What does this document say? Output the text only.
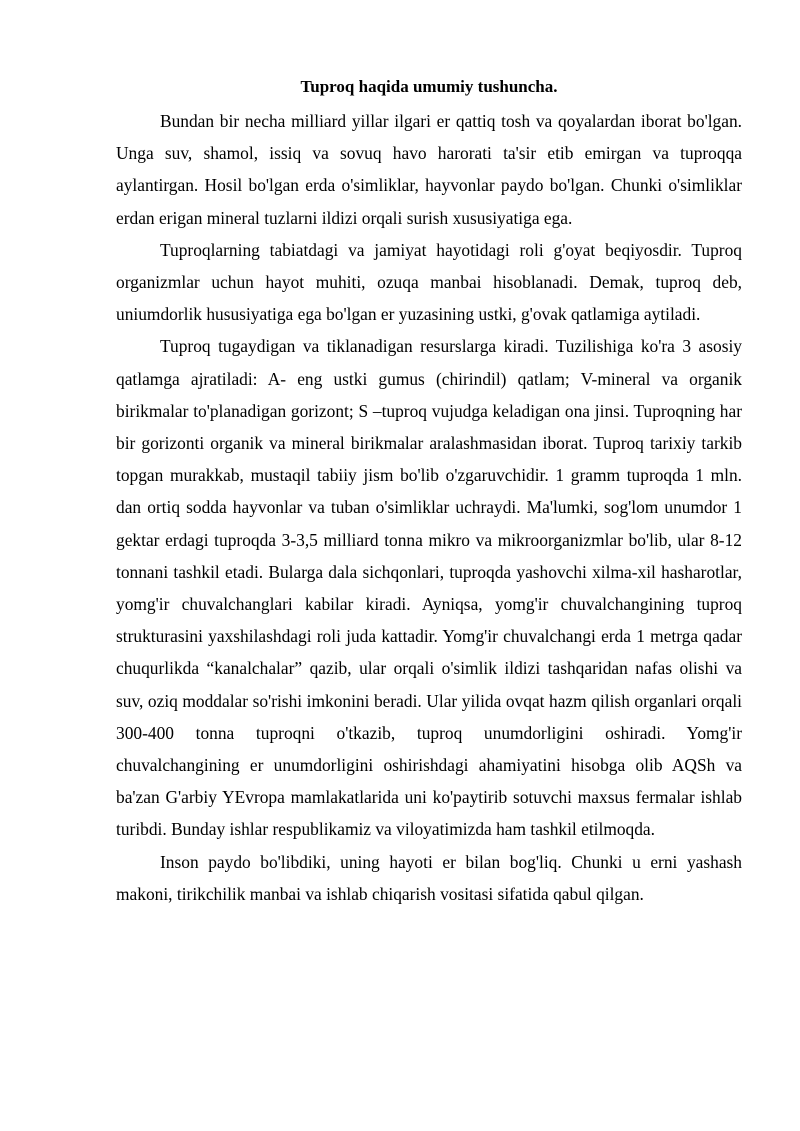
Tuproq haqida umumiy tushuncha.

Bundan bir necha milliard yillar ilgari er qattiq tosh va qoyalardan iborat bo'lgan. Unga suv, shamol, issiq va sovuq havo harorati ta'sir etib emirgan va tuproqqa aylantirgan. Hosil bo'lgan erda o'simliklar, hayvonlar paydo bo'lgan. Chunki o'simliklar erdan erigan mineral tuzlarni ildizi orqali surish xususiyatiga ega.

Tuproqlarning tabiatdagi va jamiyat hayotidagi roli g'oyat beqiyosdir. Tuproq organizmlar uchun hayot muhiti, ozuqa manbai hisoblanadi. Demak, tuproq deb, uniumdorlik hususiyatiga ega bo'lgan er yuzasining ustki, g'ovak qatlamiga aytiladi.

Tuproq tugaydigan va tiklanadigan resurslarga kiradi. Tuzilishiga ko'ra 3 asosiy qatlamga ajratiladi: A- eng ustki gumus (chirindil) qatlam; V-mineral va organik birikmalar to'planadigan gorizont; S –tuproq vujudga keladigan ona jinsi. Tuproqning har bir gorizonti organik va mineral birikmalar aralashmasidan iborat. Tuproq tarixiy tarkib topgan murakkab, mustaqil tabiiy jism bo'lib o'zgaruvchidir. 1 gramm tuproqda 1 mln. dan ortiq sodda hayvonlar va tuban o'simliklar uchraydi. Ma'lumki, sog'lom unumdor 1 gektar erdagi tuproqda 3-3,5 milliard tonna mikro va mikroorganizmlar bo'lib, ular 8-12 tonnani tashkil etadi. Bularga dala sichqonlari, tuproqda yashovchi xilma-xil hasharotlar, yomg'ir chuvalchanglari kabilar kiradi. Ayniqsa, yomg'ir chuvalchangining tuproq strukturasini yaxshilashdagi roli juda kattadir. Yomg'ir chuvalchangi erda 1 metrga qadar chuqurlikda “kanalchalar” qazib, ular orqali o'simlik ildizi tashqaridan nafas olishi va suv, oziq moddalar so'rishi imkonini beradi. Ular yilida ovqat hazm qilish organlari orqali 300-400 tonna tuproqni o'tkazib, tuproq unumdorligini oshiradi. Yomg'ir chuvalchangining er unumdorligini oshirishdagi ahamiyatini hisobga olib AQSh va ba'zan G'arbiy YEvropa mamlakatlarida uni ko'paytirib sotuvchi maxsus fermalar ishlab turibdi. Bunday ishlar respublikamiz va viloyatimizda ham tashkil etilmoqda.

Inson paydo bo'libdiki, uning hayoti er bilan bog'liq. Chunki u erni yashash makoni, tirikchilik manbai va ishlab chiqarish vositasi sifatida qabul qilgan.
